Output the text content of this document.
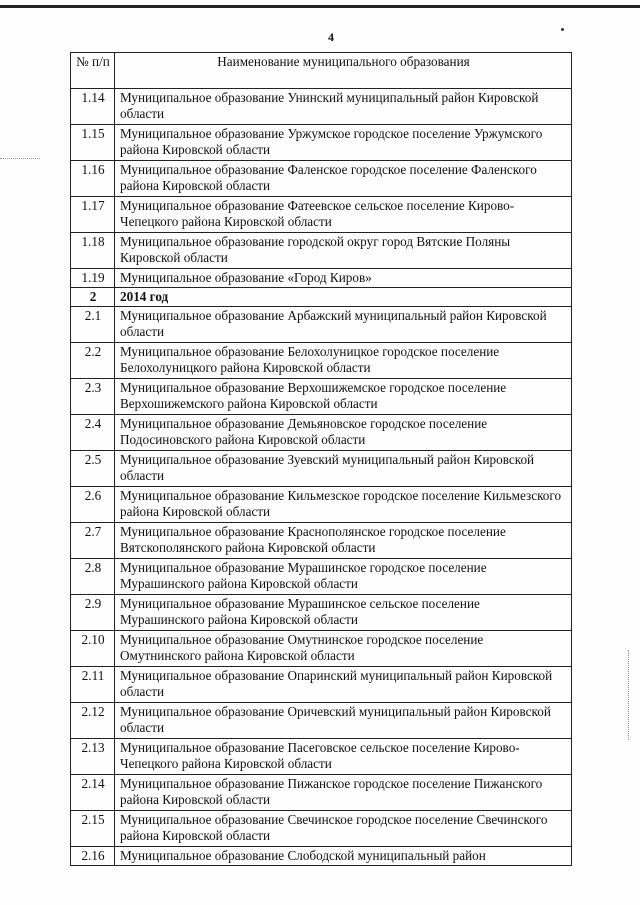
4
№ п/п	Наименование муниципального образования
1.14	Муниципальное образование Унинский муниципальный район Кировской области
1.15	Муниципальное образование Уржумское городское поселение Уржумского района Кировской области
1.16	Муниципальное образование Фаленское городское поселение Фаленского района Кировской области
1.17	Муниципальное образование Фатеевское сельское поселение Кирово-Чепецкого района Кировской области
1.18	Муниципальное образование городской округ город Вятские Поляны Кировской области
1.19	Муниципальное образование «Город Киров»
2	2014 год
2.1	Муниципальное образование Арбажский муниципальный район Кировской области
2.2	Муниципальное образование Белохолуницкое городское поселение Белохолуницкого района Кировской области
2.3	Муниципальное образование Верхошижемское городское поселение Верхошижемского района Кировской области
2.4	Муниципальное образование Демьяновское городское поселение Подосиновского района Кировской области
2.5	Муниципальное образование Зуевский муниципальный район Кировской области
2.6	Муниципальное образование Кильмезское городское поселение Кильмезского района Кировской области
2.7	Муниципальное образование Краснополянское городское поселение Вятскополянского района Кировской области
2.8	Муниципальное образование Мурашинское городское поселение Мурашинского района Кировской области
2.9	Муниципальное образование Мурашинское сельское поселение Мурашинского района Кировской области
2.10	Муниципальное образование Омутнинское городское поселение Омутнинского района Кировской области
2.11	Муниципальное образование Опаринский муниципальный район Кировской области
2.12	Муниципальное образование Оричевский муниципальный район Кировской области
2.13	Муниципальное образование Пасеговское сельское поселение Кирово-Чепецкого района Кировской области
2.14	Муниципальное образование Пижанское городское поселение Пижанского района Кировской области
2.15	Муниципальное образование Свечинское городское поселение Свечинского района Кировской области
2.16	Муниципальное образование Слободской муниципальный район
